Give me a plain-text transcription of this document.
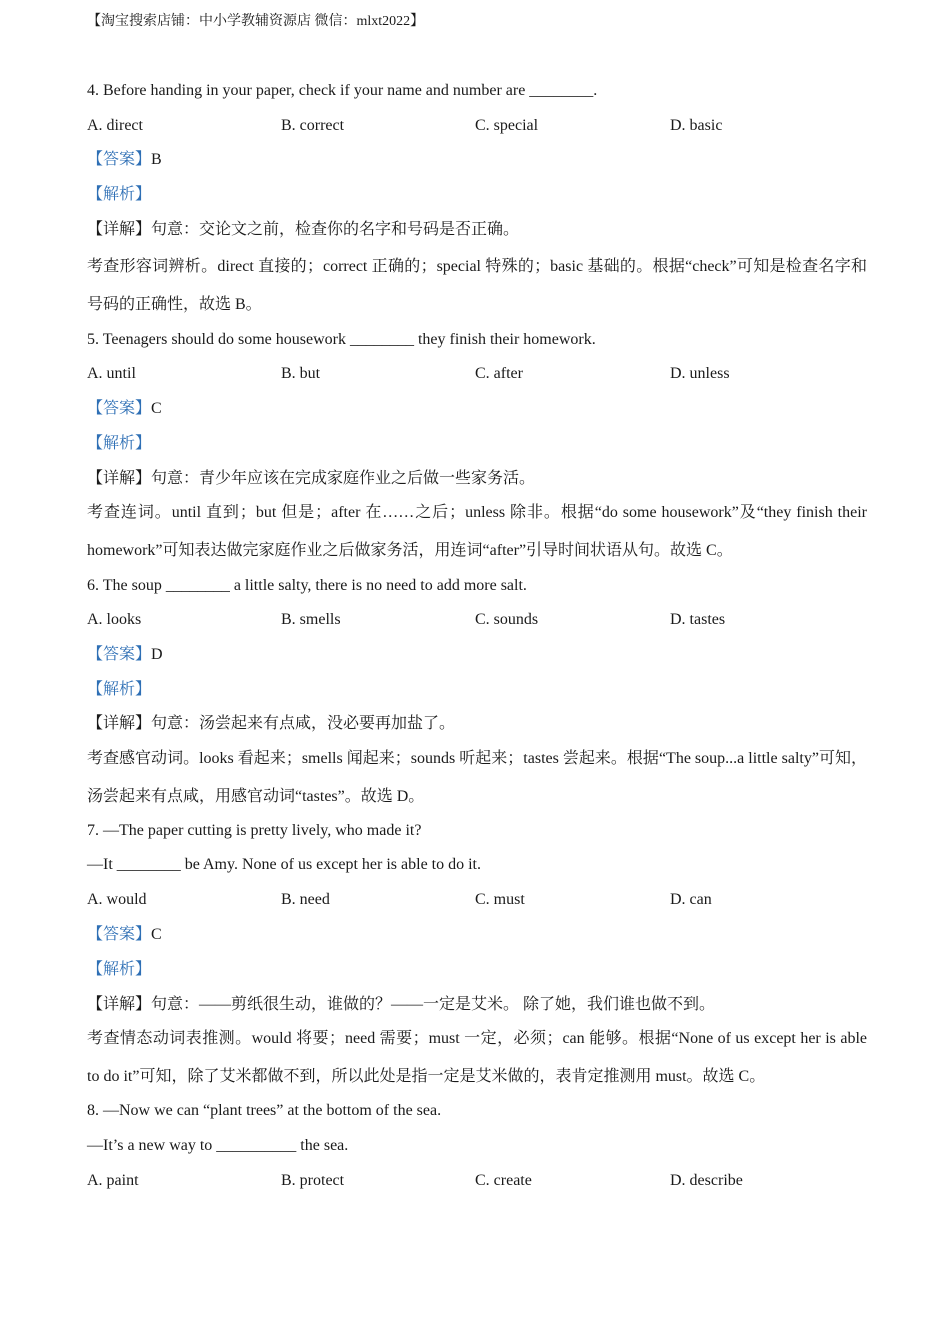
【淘宝搜索店铺：中小学教辅资源店 微信：mlxt2022】
4. Before handing in your paper, check if your name and number are ________.
A. direct	B. correct	C. special	D. basic
【答案】B
【解析】
【详解】句意：交论文之前，检查你的名字和号码是否正确。
考查形容词辨析。direct 直接的；correct 正确的；special 特殊的；basic 基础的。根据“check”可知是检查名字和号码的正确性，故选 B。
5. Teenagers should do some housework ________ they finish their homework.
A. until	B. but	C. after	D. unless
【答案】C
【解析】
【详解】句意：青少年应该在完成家庭作业之后做一些家务活。
考查连词。until 直到；but 但是；after 在……之后；unless 除非。根据“do some housework”及“they finish their homework”可知表达做完家庭作业之后做家务活，用连词“after”引导时间状语从句。故选 C。
6. The soup ________ a little salty, there is no need to add more salt.
A. looks	B. smells	C. sounds	D. tastes
【答案】D
【解析】
【详解】句意：汤尝起来有点咸，没必要再加盐了。
考查感官动词。looks 看起来；smells 闻起来；sounds 听起来；tastes 尝起来。根据“The soup...a little salty”可知，汤尝起来有点咸，用感官动词“tastes”。故选 D。
7. —The paper cutting is pretty lively, who made it?
—It ________ be Amy. None of us except her is able to do it.
A. would	B. need	C. must	D. can
【答案】C
【解析】
【详解】句意：——剪纸很生动，谁做的？——一定是艾米。 除了她，我们谁也做不到。
考查情态动词表推测。would 将要；need 需要；must 一定，必须；can 能够。根据“None of us except her is able to do it”可知，除了艾米都做不到，所以此处是指一定是艾米做的，表肯定推测用 must。故选 C。
8. —Now we can “plant trees” at the bottom of the sea.
—It’s a new way to __________ the sea.
A. paint	B. protect	C. create	D. describe
